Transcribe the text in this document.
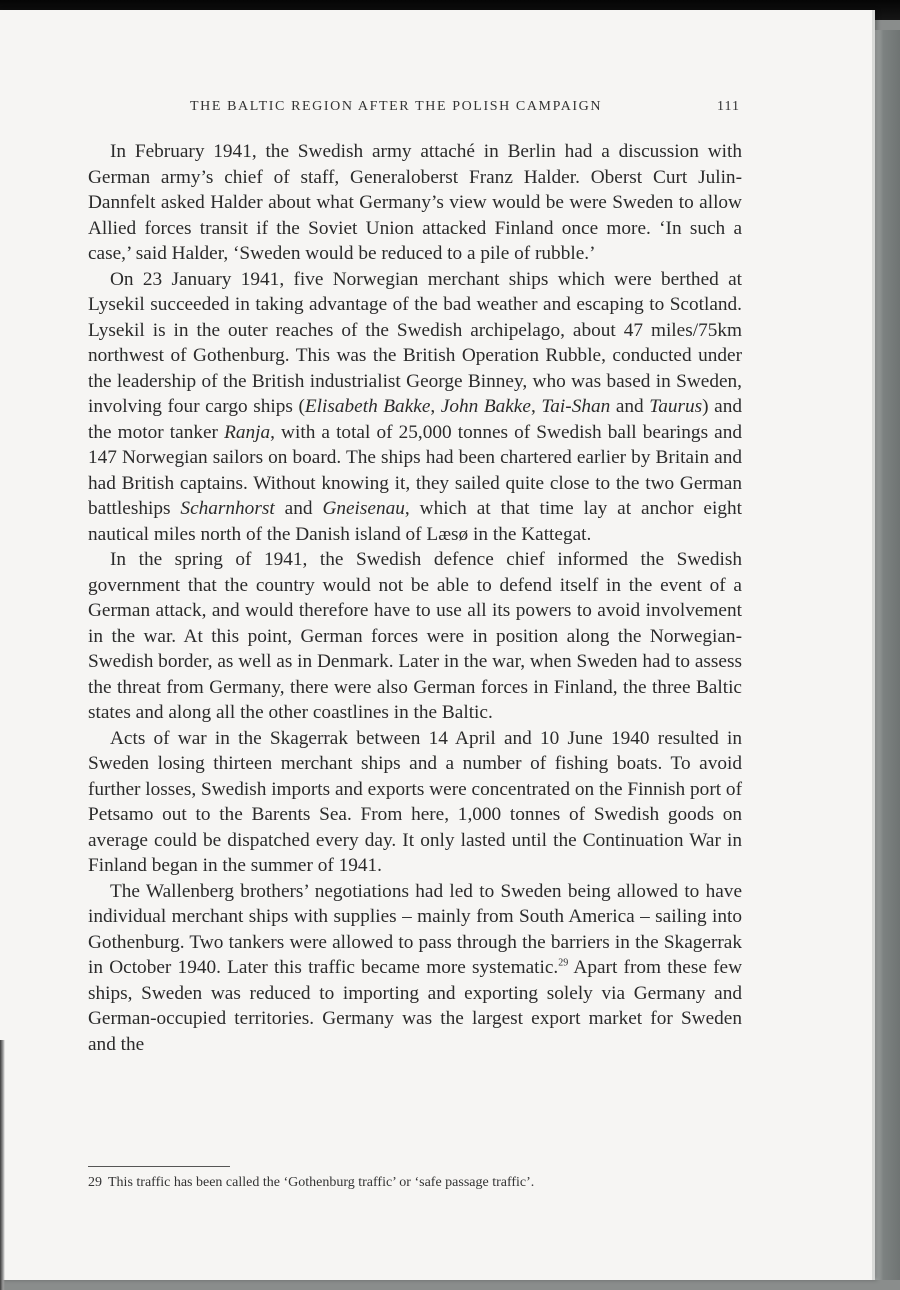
THE BALTIC REGION AFTER THE POLISH CAMPAIGN	111

In February 1941, the Swedish army attaché in Berlin had a discussion with German army’s chief of staff, Generaloberst Franz Halder. Oberst Curt Julin-Dannfelt asked Halder about what Germany’s view would be were Sweden to allow Allied forces transit if the Soviet Union attacked Finland once more. ‘In such a case,’ said Halder, ‘Sweden would be reduced to a pile of rubble.’

On 23 January 1941, five Norwegian merchant ships which were berthed at Lysekil succeeded in taking advantage of the bad weather and escaping to Scotland. Lysekil is in the outer reaches of the Swedish archipelago, about 47 miles/75km northwest of Gothenburg. This was the British Operation Rubble, conducted under the leadership of the British industrialist George Binney, who was based in Sweden, involving four cargo ships (Elisabeth Bakke, John Bakke, Tai-Shan and Taurus) and the motor tanker Ranja, with a total of 25,000 tonnes of Swedish ball bearings and 147 Norwegian sailors on board. The ships had been chartered earlier by Britain and had British captains. Without knowing it, they sailed quite close to the two German battleships Scharnhorst and Gneisenau, which at that time lay at anchor eight nautical miles north of the Danish island of Læsø in the Kattegat.

In the spring of 1941, the Swedish defence chief informed the Swedish government that the country would not be able to defend itself in the event of a German attack, and would therefore have to use all its powers to avoid involvement in the war. At this point, German forces were in position along the Norwegian-Swedish border, as well as in Denmark. Later in the war, when Sweden had to assess the threat from Germany, there were also German forces in Finland, the three Baltic states and along all the other coastlines in the Baltic.

Acts of war in the Skagerrak between 14 April and 10 June 1940 resulted in Sweden losing thirteen merchant ships and a number of fishing boats. To avoid further losses, Swedish imports and exports were concentrated on the Finnish port of Petsamo out to the Barents Sea. From here, 1,000 tonnes of Swedish goods on average could be dispatched every day. It only lasted until the Continuation War in Finland began in the summer of 1941.

The Wallenberg brothers’ negotiations had led to Sweden being allowed to have individual merchant ships with supplies – mainly from South America – sailing into Gothenburg. Two tankers were allowed to pass through the barriers in the Skagerrak in October 1940. Later this traffic became more systematic.$^{29}$ Apart from these few ships, Sweden was reduced to importing and exporting solely via Germany and German-occupied territories. Germany was the largest export market for Sweden and the

29 This traffic has been called the ‘Gothenburg traffic’ or ‘safe passage traffic’.
